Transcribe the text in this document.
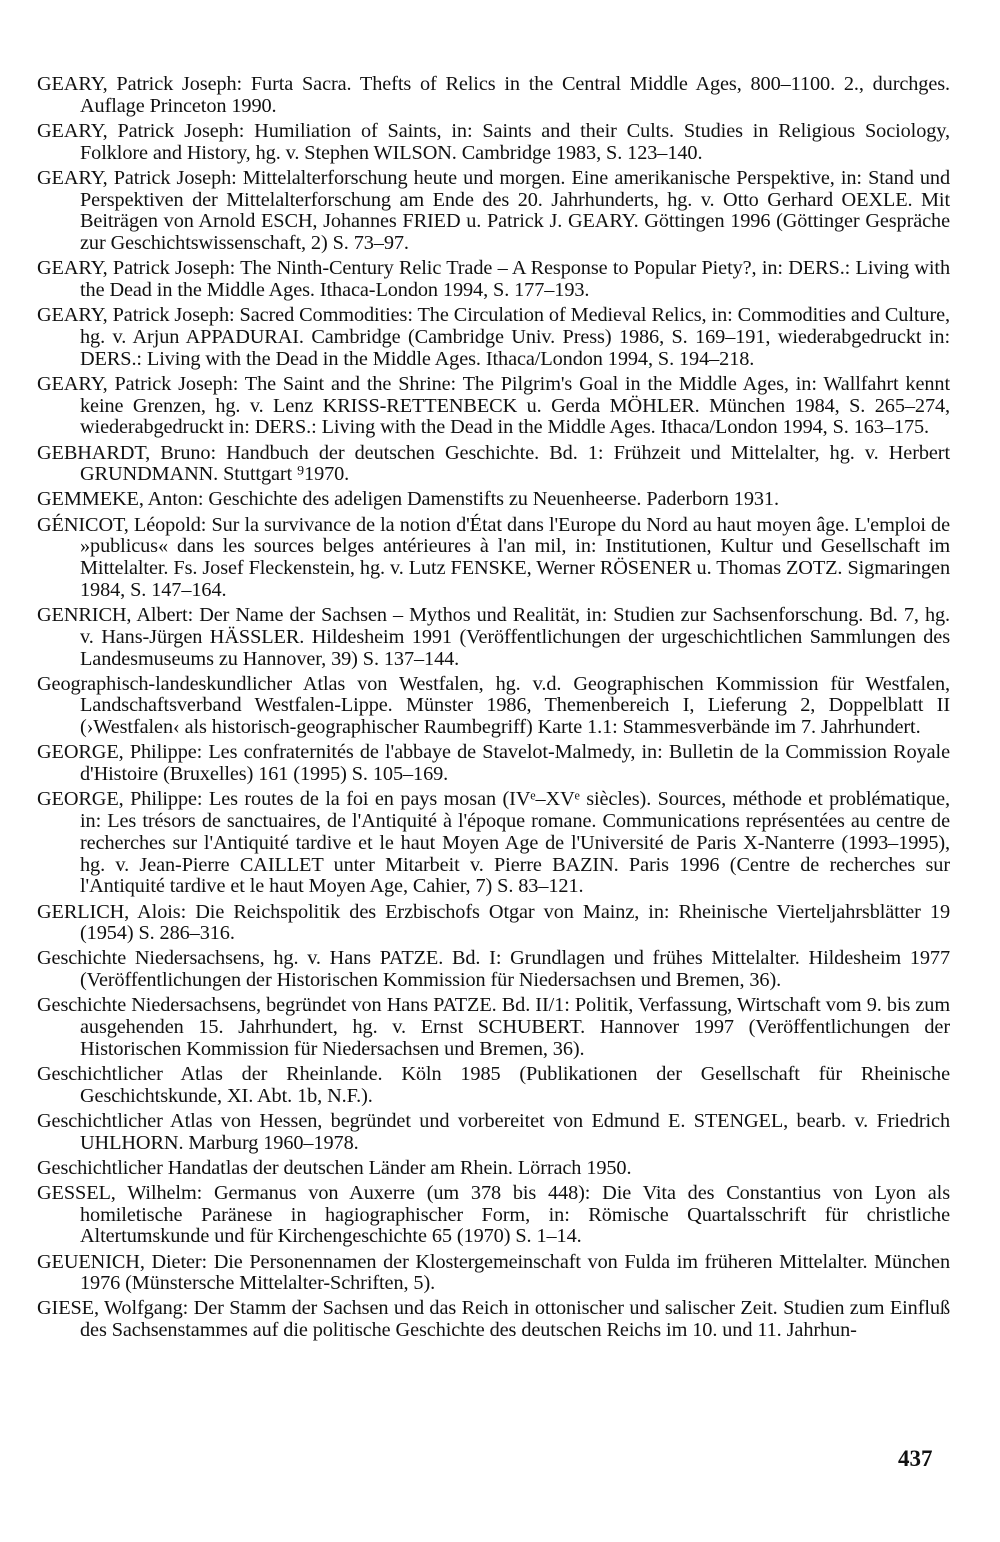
GEARY, Patrick Joseph: Furta Sacra. Thefts of Relics in the Central Middle Ages, 800–1100. 2., durchges. Auflage Princeton 1990.

GEARY, Patrick Joseph: Humiliation of Saints, in: Saints and their Cults. Studies in Religious Sociology, Folklore and History, hg. v. Stephen WILSON. Cambridge 1983, S. 123–140.

GEARY, Patrick Joseph: Mittelalterforschung heute und morgen. Eine amerikanische Perspektive, in: Stand und Perspektiven der Mittelalterforschung am Ende des 20. Jahrhunderts, hg. v. Otto Gerhard OEXLE. Mit Beiträgen von Arnold ESCH, Johannes FRIED u. Patrick J. GEARY. Göttingen 1996 (Göttinger Gespräche zur Geschichtswissenschaft, 2) S. 73–97.

GEARY, Patrick Joseph: The Ninth-Century Relic Trade – A Response to Popular Piety?, in: DERS.: Living with the Dead in the Middle Ages. Ithaca-London 1994, S. 177–193.

GEARY, Patrick Joseph: Sacred Commodities: The Circulation of Medieval Relics, in: Commodities and Culture, hg. v. Arjun APPADURAI. Cambridge (Cambridge Univ. Press) 1986, S. 169–191, wiederabgedruckt in: DERS.: Living with the Dead in the Middle Ages. Ithaca/London 1994, S. 194–218.

GEARY, Patrick Joseph: The Saint and the Shrine: The Pilgrim's Goal in the Middle Ages, in: Wallfahrt kennt keine Grenzen, hg. v. Lenz KRISS-RETTENBECK u. Gerda MÖHLER. München 1984, S. 265–274, wiederabgedruckt in: DERS.: Living with the Dead in the Middle Ages. Ithaca/London 1994, S. 163–175.

GEBHARDT, Bruno: Handbuch der deutschen Geschichte. Bd. 1: Frühzeit und Mittelalter, hg. v. Herbert GRUNDMANN. Stuttgart ⁹1970.

GEMMEKE, Anton: Geschichte des adeligen Damenstifts zu Neuenheerse. Paderborn 1931.

GÉNICOT, Léopold: Sur la survivance de la notion d'État dans l'Europe du Nord au haut moyen âge. L'emploi de »publicus« dans les sources belges antérieures à l'an mil, in: Institutionen, Kultur und Gesellschaft im Mittelalter. Fs. Josef Fleckenstein, hg. v. Lutz FENSKE, Werner RÖSENER u. Thomas ZOTZ. Sigmaringen 1984, S. 147–164.

GENRICH, Albert: Der Name der Sachsen – Mythos und Realität, in: Studien zur Sachsenforschung. Bd. 7, hg. v. Hans-Jürgen HÄSSLER. Hildesheim 1991 (Veröffentlichungen der urgeschichtlichen Sammlungen des Landesmuseums zu Hannover, 39) S. 137–144.

Geographisch-landeskundlicher Atlas von Westfalen, hg. v.d. Geographischen Kommission für Westfalen, Landschaftsverband Westfalen-Lippe. Münster 1986, Themenbereich I, Lieferung 2, Doppelblatt II (›Westfalen‹ als historisch-geographischer Raumbegriff) Karte 1.1: Stammesverbände im 7. Jahrhundert.

GEORGE, Philippe: Les confraternités de l'abbaye de Stavelot-Malmedy, in: Bulletin de la Commission Royale d'Histoire (Bruxelles) 161 (1995) S. 105–169.

GEORGE, Philippe: Les routes de la foi en pays mosan (IVᵉ–XVᵉ siècles). Sources, méthode et problématique, in: Les trésors de sanctuaires, de l'Antiquité à l'époque romane. Communications représentées au centre de recherches sur l'Antiquité tardive et le haut Moyen Age de l'Université de Paris X-Nanterre (1993–1995), hg. v. Jean-Pierre CAILLET unter Mitarbeit v. Pierre BAZIN. Paris 1996 (Centre de recherches sur l'Antiquité tardive et le haut Moyen Age, Cahier, 7) S. 83–121.

GERLICH, Alois: Die Reichspolitik des Erzbischofs Otgar von Mainz, in: Rheinische Vierteljahrsblätter 19 (1954) S. 286–316.

Geschichte Niedersachsens, hg. v. Hans PATZE. Bd. I: Grundlagen und frühes Mittelalter. Hildesheim 1977 (Veröffentlichungen der Historischen Kommission für Niedersachsen und Bremen, 36).

Geschichte Niedersachsens, begründet von Hans PATZE. Bd. II/1: Politik, Verfassung, Wirtschaft vom 9. bis zum ausgehenden 15. Jahrhundert, hg. v. Ernst SCHUBERT. Hannover 1997 (Veröffentlichungen der Historischen Kommission für Niedersachsen und Bremen, 36).

Geschichtlicher Atlas der Rheinlande. Köln 1985 (Publikationen der Gesellschaft für Rheinische Geschichtskunde, XI. Abt. 1b, N.F.).

Geschichtlicher Atlas von Hessen, begründet und vorbereitet von Edmund E. STENGEL, bearb. v. Friedrich UHLHORN. Marburg 1960–1978.

Geschichtlicher Handatlas der deutschen Länder am Rhein. Lörrach 1950.

GESSEL, Wilhelm: Germanus von Auxerre (um 378 bis 448): Die Vita des Constantius von Lyon als homiletische Paränese in hagiographischer Form, in: Römische Quartalsschrift für christliche Altertumskunde und für Kirchengeschichte 65 (1970) S. 1–14.

GEUENICH, Dieter: Die Personennamen der Klostergemeinschaft von Fulda im früheren Mittelalter. München 1976 (Münstersche Mittelalter-Schriften, 5).

GIESE, Wolfgang: Der Stamm der Sachsen und das Reich in ottonischer und salischer Zeit. Studien zum Einfluß des Sachsenstammes auf die politische Geschichte des deutschen Reichs im 10. und 11. Jahrhun-

437
